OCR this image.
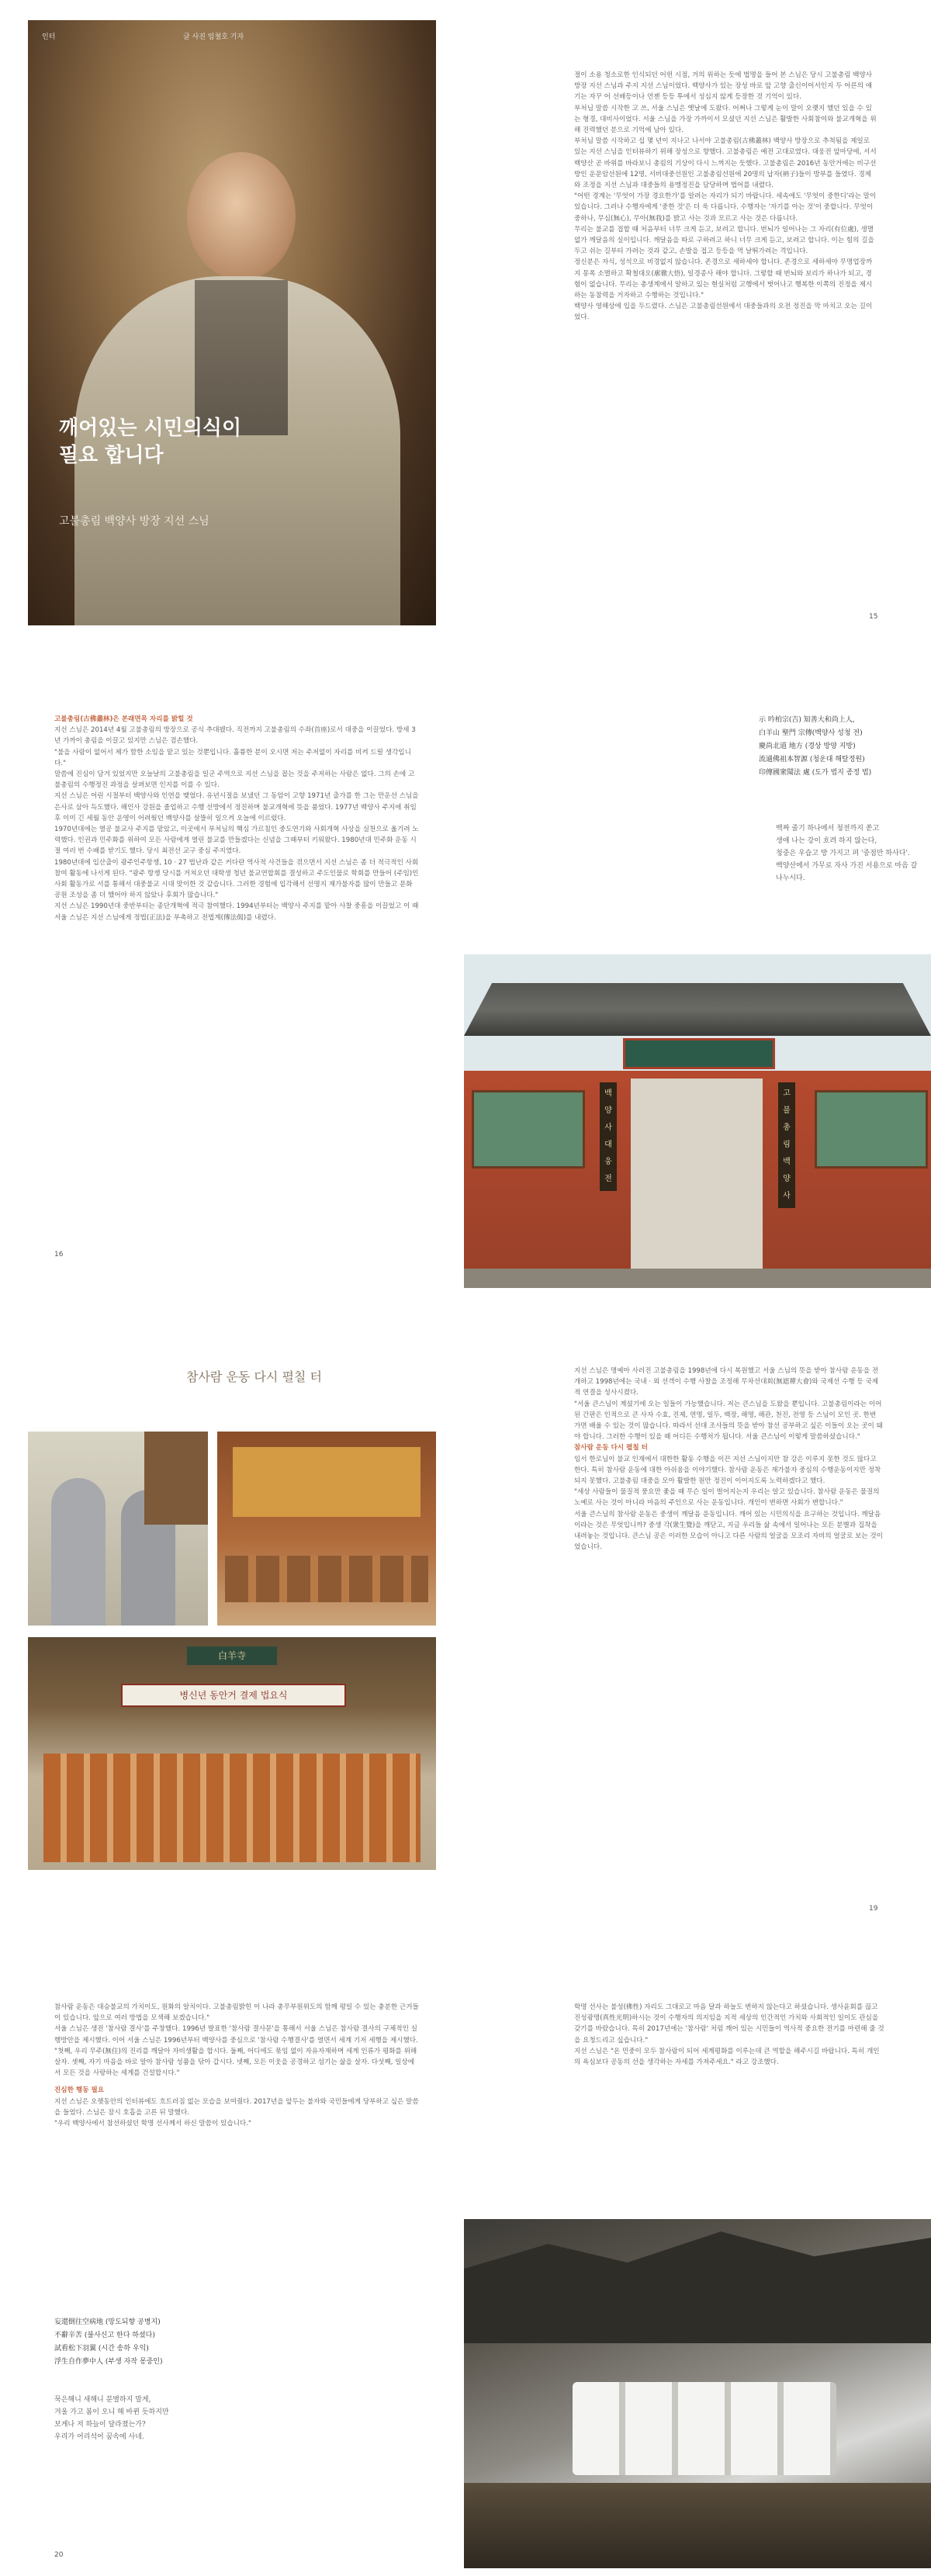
인터	글 사진 임철호 기자
깨어있는 시민의식이
필요 합니다
고불총림 백양사 방장 지선 스님

절이 소용 청소로한 인식되던 어떤 시점, 거의 위하는 듯에 법명을 들어 본 스님은 당시 고불총림 백양사 방장 지선 스님과 주지 지선 스님이었다. 백양사가 있는 장성 바로 앞 고향 출신이어서인지 두 어른의 얘기는 자꾸 어 선배등이나 언젠 등등 투에서 성심지 않게 등장한 것 기억이 있다.

부처님 말씀 시작한 고 쓰, 서울 스님은 옛날에 도왔다. 어쩌나 그렇게 눈이 말이 오랫지 했던 있을 수 있는 형경, 대비사이었다. 서울 스님을 가장 가까이서 모셨던 지선 스님은 활발한 사회참여와 불교개혁을 위해 진력했던 분으로 기억에 남아 있다.

부처님 말씀 시작하고 십 몇 년이 지나고 나서야 고불총림(古佛叢林) 백양사 방장으로 추척됨을 제일로 있는 지선 스님을 인터뷰하기 위해 장성으로 향했다. 고불총림은 예전 고대로였다. 대웅전 앞마당에, 서서 백양산 곧 바위를 바라보니 총림의 기상이 다시 느껴지는 듯했다. 고불총림은 2016년 동안거에는 비구선방인 운문암선원에 12명, 서비대중선원인 고불총림선원에 20명의 납자(衲子)들이 방부를 들였다. 경제와 조정을 지선 스님과 대중들의 용맹정진을 담당하며 법어를 내렸다.

"어떤 경계는 '무엇이 가장 경요한가'를 알려는 자리가 되기 바랍니다. 세속에도 '무엇이 중한디'라는 말이 있습니다. 그러나 수행자에게 '중한 것'은 더 욱 다릅니다. 수행자는 '자기를 아는 것'이 중합니다. 무엇이 중하나, 무심(無心), 무아(無我)를 밝고 사는 것과 모르고 사는 것은 다릅니다.

무리는 불교를 접할 때 처음부터 너무 크게 듣고, 보려고 합니다. 번뇌가 일어나는 그 자리(有位處), 생멸없가 깨달음의 실이입니다. 깨달음을 따로 구하려고 하니 너무 크게 듣고, 보려고 합니다. 이는 힘의 길을 두고 쉬는 길부터 가려는 것과 같고, 손발을 접고 등등을 먹 날뛰가려는 격입니다.

정신분은 자식, 성석으로 비경없지 않습니다. 존경으로 세하세야 합니다. 존경으로 세하세야 무명업장까지 몽폭 소멸하고 확철대오(廓徹大悟), 일경종사 해야 합니다. 그렇할 때 번뇌와 보리가 하나가 되고, 경험이 없습니다. 무리는 총생계에서 알하고 있는 현실처럼 고행에서 벗어나고 행복한 이쪽의 진정을 제시하는 동참력을 거자하고 수행하는 것입니다."

백양사 영해상에 입을 두드렸다. 스님은 고불총림선원에서 대중들과의 오전 정진을 막 마치고 오는 길이었다.

15

고불총림(古佛叢林)은 본래면목 자리를 밝힐 것

지선 스님은 2014년 4월 고불총림의 방장으로 공식 추대됐다. 직전까지 고불총림의 수좌(首座)로서 대중을 이끌었다. 방세 3년 가까이 총림을 이끌고 있지만 스님은 겸손했다.

"불을 사람이 없어서 제가 함한 소임을 맡고 있는 것뿐입니다. 훌륭한 분이 오시면 저는 주저없이 자리를 비켜 드릴 생각입니다."

말씀에 진심이 담겨 있었지만 오늘날의 고불총림을 일군 주역으로 지선 스님을 꼽는 것을 주저하는 사람은 없다. 그의 손에 고불총림의 수행정진 과정을 살펴보면 인지를 이를 수 있다.

지선 스님은 어린 시절부터 백양사와 인연을 맺었다. 유년시절을 보냈던 그 동암이 고향 1971년 출가를 한 그는 만운선 스님을 은사로 삼아 득도했다. 해인사 강원을 졸업하고 수행 선방에서 정진하며 불교개혁에 뜻을 품었다. 1977년 백양사 주지에 취임 후 이미 긴 세월 동안 운영이 어려웠던 백양사를 살뜰히 일으켜 오늘에 이르렀다.

1970년대에는 열공 불교사 주지를 맡았고, 이곳에서 부처님의 핵심 가르침인 중도연기와 사회개혁 사상을 실천으로 옮기려 노력했다. 인권과 민주화를 위하여 모든 사람에게 열린 불교를 만들겠다는 신념을 그때부터 키워왔다. 1980년대 민주화 운동 시절 여러 번 수배를 받기도 했다. 당시 최전선 교구 중심 주지였다.

1980년대에 입산출이 광주인주항쟁, 10 · 27 법난과 같은 커다란 역사적 사건들을 겪으면서 지선 스님은 좀 더 적극적인 사회참여 활동에 나서게 된다. "광주 항쟁 당시를 거쳐오던 대학생 청년 불교연합회를 결성하고 주도인물로 학회를 만들어 (주임)인 사회 활동가로 서를 통해서 대중불교 시대 맞이한 것 같습니다. 그러한 경험에 입각해서 선명지 재가불자를 많이 만들고 문화 공원 조성을 좀 더 했어야 하지 않았나 후회가 많습니다."

지선 스님은 1990년대 중반부터는 종단개혁에 적극 참여했다. 1994년부터는 백양사 주지를 맡아 사찰 중흥을 이끌었고 이 때 서울 스님은 지선 스님에게 정법(正法)을 부촉하고 전법계(傳法偈)를 내렸다.

16
示 吟柏宗(吉) 知善大和尚上人,
白羊山 聖門 宗傳(백양사 성청 전)
慶尚北道 地方 (경상 방양 지방)
流通佛祖本智源 (청운대 해탈정원)
印傳國衆聞法 處 (도가 법지 종정 법)
백짜 줄기 하나에서 청전까지 쏟고
생애 나는 강이 흐려 하지 않는다,
청중은 우습고 방 가지고 펴 '중점만 하사다'.
백양산에서 가무로 자사 가진 서용으로 마음 갈 나누시다.
백 양 사 대 웅 전
고 불 총 림 백 양 사
참사람 운동 다시 펼칠 터
白羊寺
병신년 동안거 결제 법요식

지선 스님은 명예아 사러진 고불총림을 1998년에 다시 복원했고 서울 스님의 뜻을 받아 참사람 운동을 전개하고 1998년에는 국내 · 외 선객이 수행 사찰을 조정해 무차선대회(無遮禪大會)와 국제선 수행 등 국제적 연결을 성사시켰다.

"서울 큰스님이 계셨기에 오는 일들이 가능했습니다. 저는 큰스님을 도왔을 뿐입니다. 고불총림이라는 이어 된 간판은 인적으로 큰 사자 수효, 진제, 연명, 일두, 백장, 해명, 해관, 천진, 전영 등 스님이 모인 곳. 한번 가면 배울 수 있는 것이 많습니다. 따라서 선대 조사들의 뜻을 받아 참선 공부하고 싶은 이들이 오는 곳이 돼야 합니다. 그러한 수행이 있을 때 어디든 수행처가 됩니다. 서울 큰스님이 이렇게 말씀하셨습니다."

참사람 운동 다시 펼칠 터

임서 한로님이 불교 인재에서 대한한 활동 수행을 이끈 지선 스님이지만 참 강은 이루지 못한 것도 많다고 한다. 특히 참사람 운동에 대한 아쉬움을 이야기했다. 참사람 운동은 재가불자 중심의 수행운동이지만 정착되지 못했다. 고불총림 대중을 모아 활발한 원만 정진이 이어지도록 노력하겠다고 했다.

"세상 사람들이 물질적 풍요만 좇을 때 무슨 일이 벌어지는지 우리는 알고 있습니다. 참사람 운동은 물질의 노예로 사는 것이 아니라 마음의 주인으로 사는 운동입니다. 개인이 변하면 사회가 변합니다."

서울 큰스님의 참사람 운동은 중생이 깨달음 운동입니다. 깨어 있는 시민의식을 요구하는 것입니다. 깨달음이라는 것은 무엇입니까? 중생 각(衆生覺)을 깨닫고, 지금 우리들 삶 속에서 일어나는 모든 분별과 집착을 내려놓는 것입니다. 큰스님 공은 이러한 모습이 아니고 다른 사람의 얼굴을 모조리 자비의 얼굴로 보는 것이었습니다.

19

참사람 운동은 대승불교의 가치이도, 원화의 알치이다. 고불총림밝힌 이 나라 총무부원위도의 함께 평일 수 있는 충분한 근거들이 있습니다. 앞으로 여러 방법을 모색해 보겠습니다."

서울 스님은 생전 '참사람 결사'를 주창했다. 1996년 발표한 '참사람 결사문'을 통해서 서울 스님은 참사람 결사의 구체적인 실행방안을 제시했다. 이어 서울 스님은 1996년부터 백양사를 중심으로 '참사람 수행결사'를 열면서 세계 기저 세행을 제시했다.

"첫째, 우리 무주(無住)의 진리를 깨달아 자비생활을 합시다. 둘째, 어디에도 묶임 없이 자유자재하며 세계 인류가 평화를 위해 살자. 셋째, 자기 마음을 바로 알아 참사람 성품을 닦아 갑시다. 넷째, 모든 이웃을 공경하고 섬기는 삶을 살자. 다섯째, 일상에서 모든 것을 사랑하는 세계를 건설합시다."

진심한 행동 필요

지선 스님은 오랫동안의 인터뷰에도 흐트러짐 없는 모습을 보여줬다. 2017년을 앞두는 불자와 국민들에게 당부하고 싶은 말씀을 들었다. 스님은 잠시 호흡을 고른 뒤 말했다.

"우리 백양사에서 참선하셨던 학명 선사께서 하신 말씀이 있습니다."

妄還倒往空病地 (망도되향 공병지)
不辭辛苦 (불사신고 한다 하셨다)
試看松下羽翼 (시간 송하 우익)
浮生自作夢中人 (부생 자작 몽중인)
묵은해니 새해니 분별하지 말게,
겨울 가고 봄이 오니 해 바뀐 듯하지만
보게나 저 하늘이 달라졌는가?
우리가 어리석어 꿈속에 사네.
20

학명 선사는 불성(佛性) 자리도 그대로고 마음 달과 하늘도 변하지 않는다고 하셨습니다. 생사윤회를 끊고 진성광명(真性光明)하시는 것이 수행자의 의지임을 지적 세상의 인간적인 가치와 사회적인 일이도 관심을 갖기를 바랐습니다. 특히 2017년에는 '참사람' 처럼 깨어 있는 시민들이 역사적 중요한 전기를 마련해 줄 것을 요청드리고 싶습니다."

지선 스님은 "온 민중이 모두 참사람이 되어 세계평화를 이루는데 큰 역할을 해주시길 바랍니다. 특히 개인의 욕심보다 공동의 선을 생각하는 자세를 가져주세요." 라고 강조했다.
